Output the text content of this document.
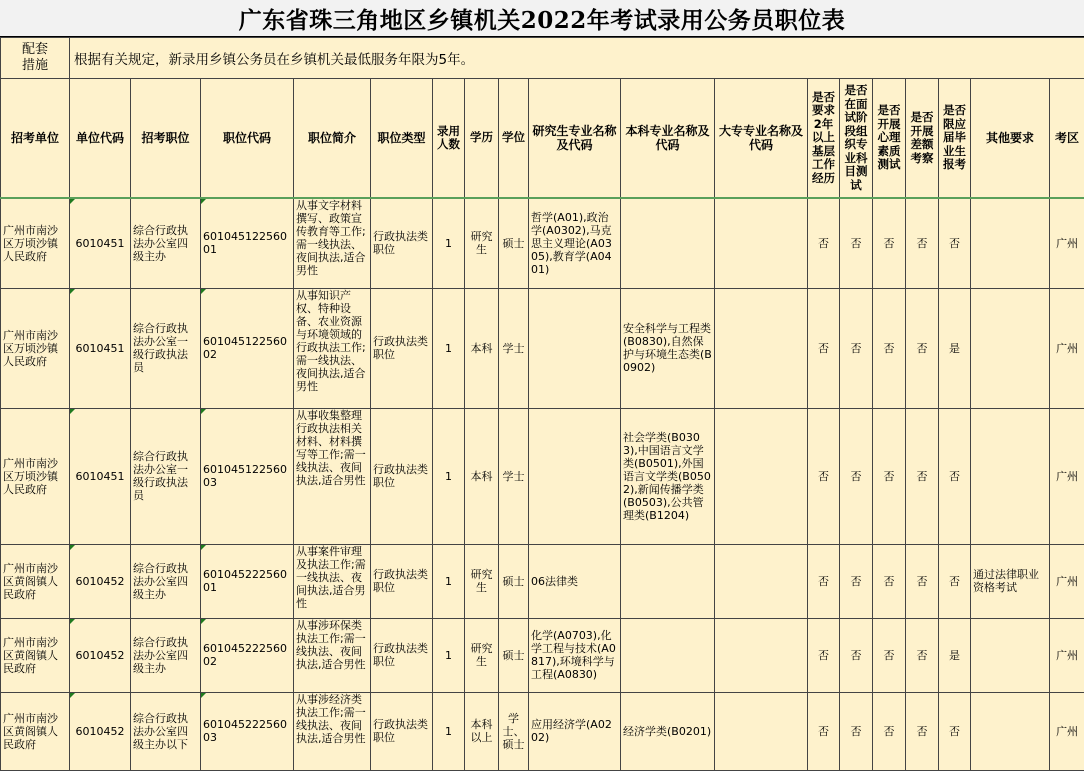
广东省珠三角地区乡镇机关2022年考试录用公务员职位表
配套
措施	根据有关规定，新录用乡镇公务员在乡镇机关最低服务年限为5年。																	
招考单位	单位代码	招考职位	职位代码	职位简介	职位类型	录用人数	学历	学位	研究生专业名称及代码	本科专业名称及代码	大专专业名称及代码	是否要求2年以上基层工作经历	是否在面试阶段组织专业科目测试	是否开展心理素质测试	是否开展差额考察	是否限应届毕业生报考	其他要求	考区
广州市南沙区万顷沙镇人民政府	6010451	综合行政执法办公室四级主办	60104512256001	从事文字材料撰写、政策宣传教育等工作;需一线执法、夜间执法,适合男性	行政执法类职位	1	研究生	硕士	哲学(A01),政治学(A0302),马克思主义理论(A0305),教育学(A0401)			否	否	否	否	否		广州
广州市南沙区万顷沙镇人民政府	6010451	综合行政执法办公室一级行政执法员	60104512256002	从事知识产权、特种设备、农业资源与环境领域的行政执法工作;需一线执法、夜间执法,适合男性	行政执法类职位	1	本科	学士		安全科学与工程类(B0830),自然保护与环境生态类(B0902)		否	否	否	否	是		广州
广州市南沙区万顷沙镇人民政府	6010451	综合行政执法办公室一级行政执法员	60104512256003	从事收集整理行政执法相关材料、材料撰写等工作;需一线执法、夜间执法,适合男性	行政执法类职位	1	本科	学士		社会学类(B0303),中国语言文学类(B0501),外国语言文学类(B0502),新闻传播学类(B0503),公共管理类(B1204)		否	否	否	否	否		广州
广州市南沙区黄阁镇人民政府	6010452	综合行政执法办公室四级主办	60104522256001	从事案件审理及执法工作;需一线执法、夜间执法,适合男性	行政执法类职位	1	研究生	硕士	06法律类			否	否	否	否	否	通过法律职业资格考试	广州
广州市南沙区黄阁镇人民政府	6010452	综合行政执法办公室四级主办	60104522256002	从事涉环保类执法工作;需一线执法、夜间执法,适合男性	行政执法类职位	1	研究生	硕士	化学(A0703),化学工程与技术(A0817),环境科学与工程(A0830)			否	否	否	否	是		广州
广州市南沙区黄阁镇人民政府	6010452	综合行政执法办公室四级主办以下	60104522256003	从事涉经济类执法工作;需一线执法、夜间执法,适合男性	行政执法类职位	1	本科以上	学士、硕士	应用经济学(A0202)	经济学类(B0201)		否	否	否	否	否		广州
